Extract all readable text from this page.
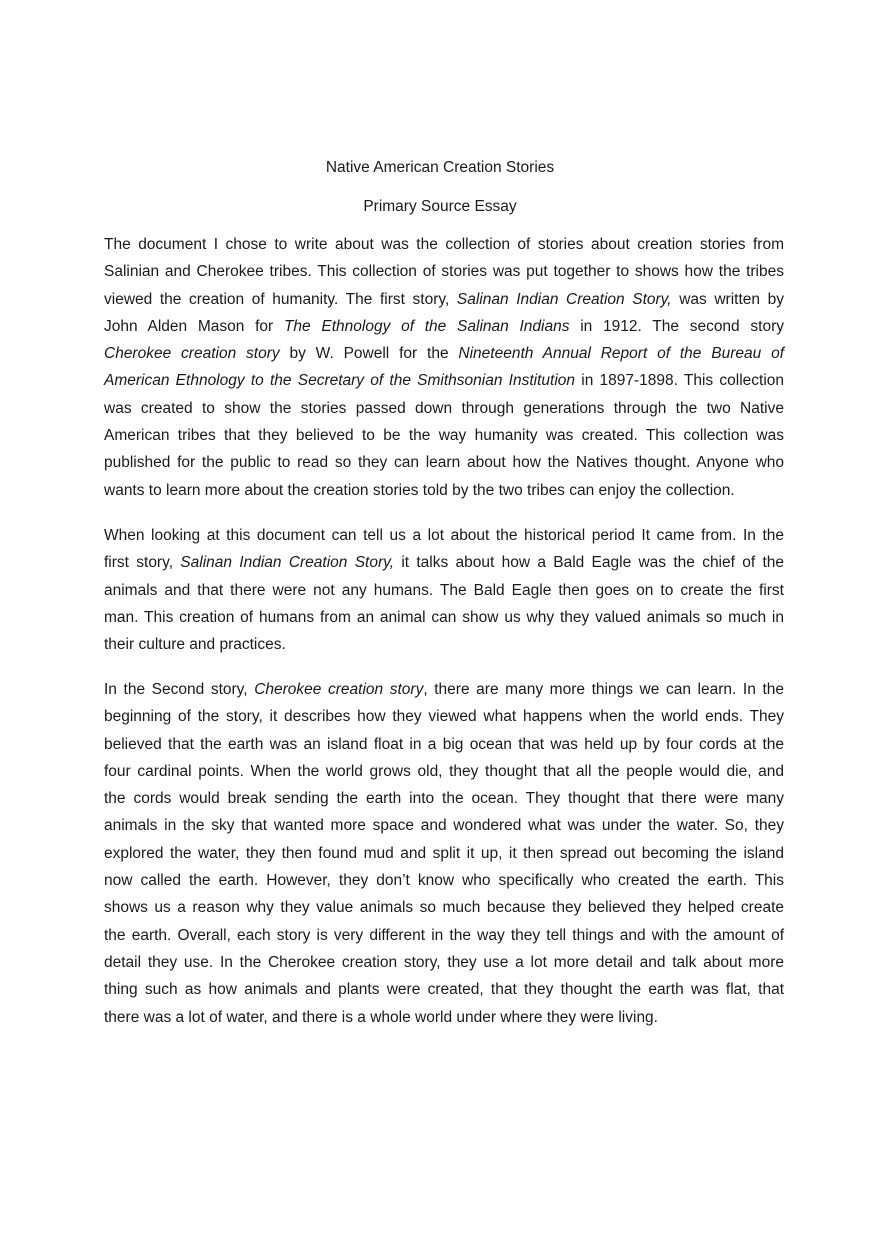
Native American Creation Stories
Primary Source Essay
The document I chose to write about was the collection of stories about creation stories from
Salinian and Cherokee tribes. This collection of stories was put together to shows how the tribes
viewed the creation of humanity. The first story, Salinan Indian Creation Story, was written by
John Alden Mason for The Ethnology of the Salinan Indians in 1912. The second story
Cherokee creation story by W. Powell for the Nineteenth Annual Report of the Bureau of
American Ethnology to the Secretary of the Smithsonian Institution in 1897-1898. This collection
was created to show the stories passed down through generations through the two Native
American tribes that they believed to be the way humanity was created. This collection was
published for the public to read so they can learn about how the Natives thought. Anyone who
wants to learn more about the creation stories told by the two tribes can enjoy the collection.
When looking at this document can tell us a lot about the historical period It came from. In the
first story, Salinan Indian Creation Story, it talks about how a Bald Eagle was the chief of the
animals and that there were not any humans. The Bald Eagle then goes on to create the first
man. This creation of humans from an animal can show us why they valued animals so much in
their culture and practices.
In the Second story, Cherokee creation story, there are many more things we can learn. In the
beginning of the story, it describes how they viewed what happens when the world ends. They
believed that the earth was an island float in a big ocean that was held up by four cords at the
four cardinal points. When the world grows old, they thought that all the people would die, and
the cords would break sending the earth into the ocean. They thought that there were many
animals in the sky that wanted more space and wondered what was under the water. So, they
explored the water, they then found mud and split it up, it then spread out becoming the island
now called the earth. However, they don’t know who specifically who created the earth. This
shows us a reason why they value animals so much because they believed they helped create
the earth. Overall, each story is very different in the way they tell things and with the amount of
detail they use. In the Cherokee creation story, they use a lot more detail and talk about more
thing such as how animals and plants were created, that they thought the earth was flat, that
there was a lot of water, and there is a whole world under where they were living.
